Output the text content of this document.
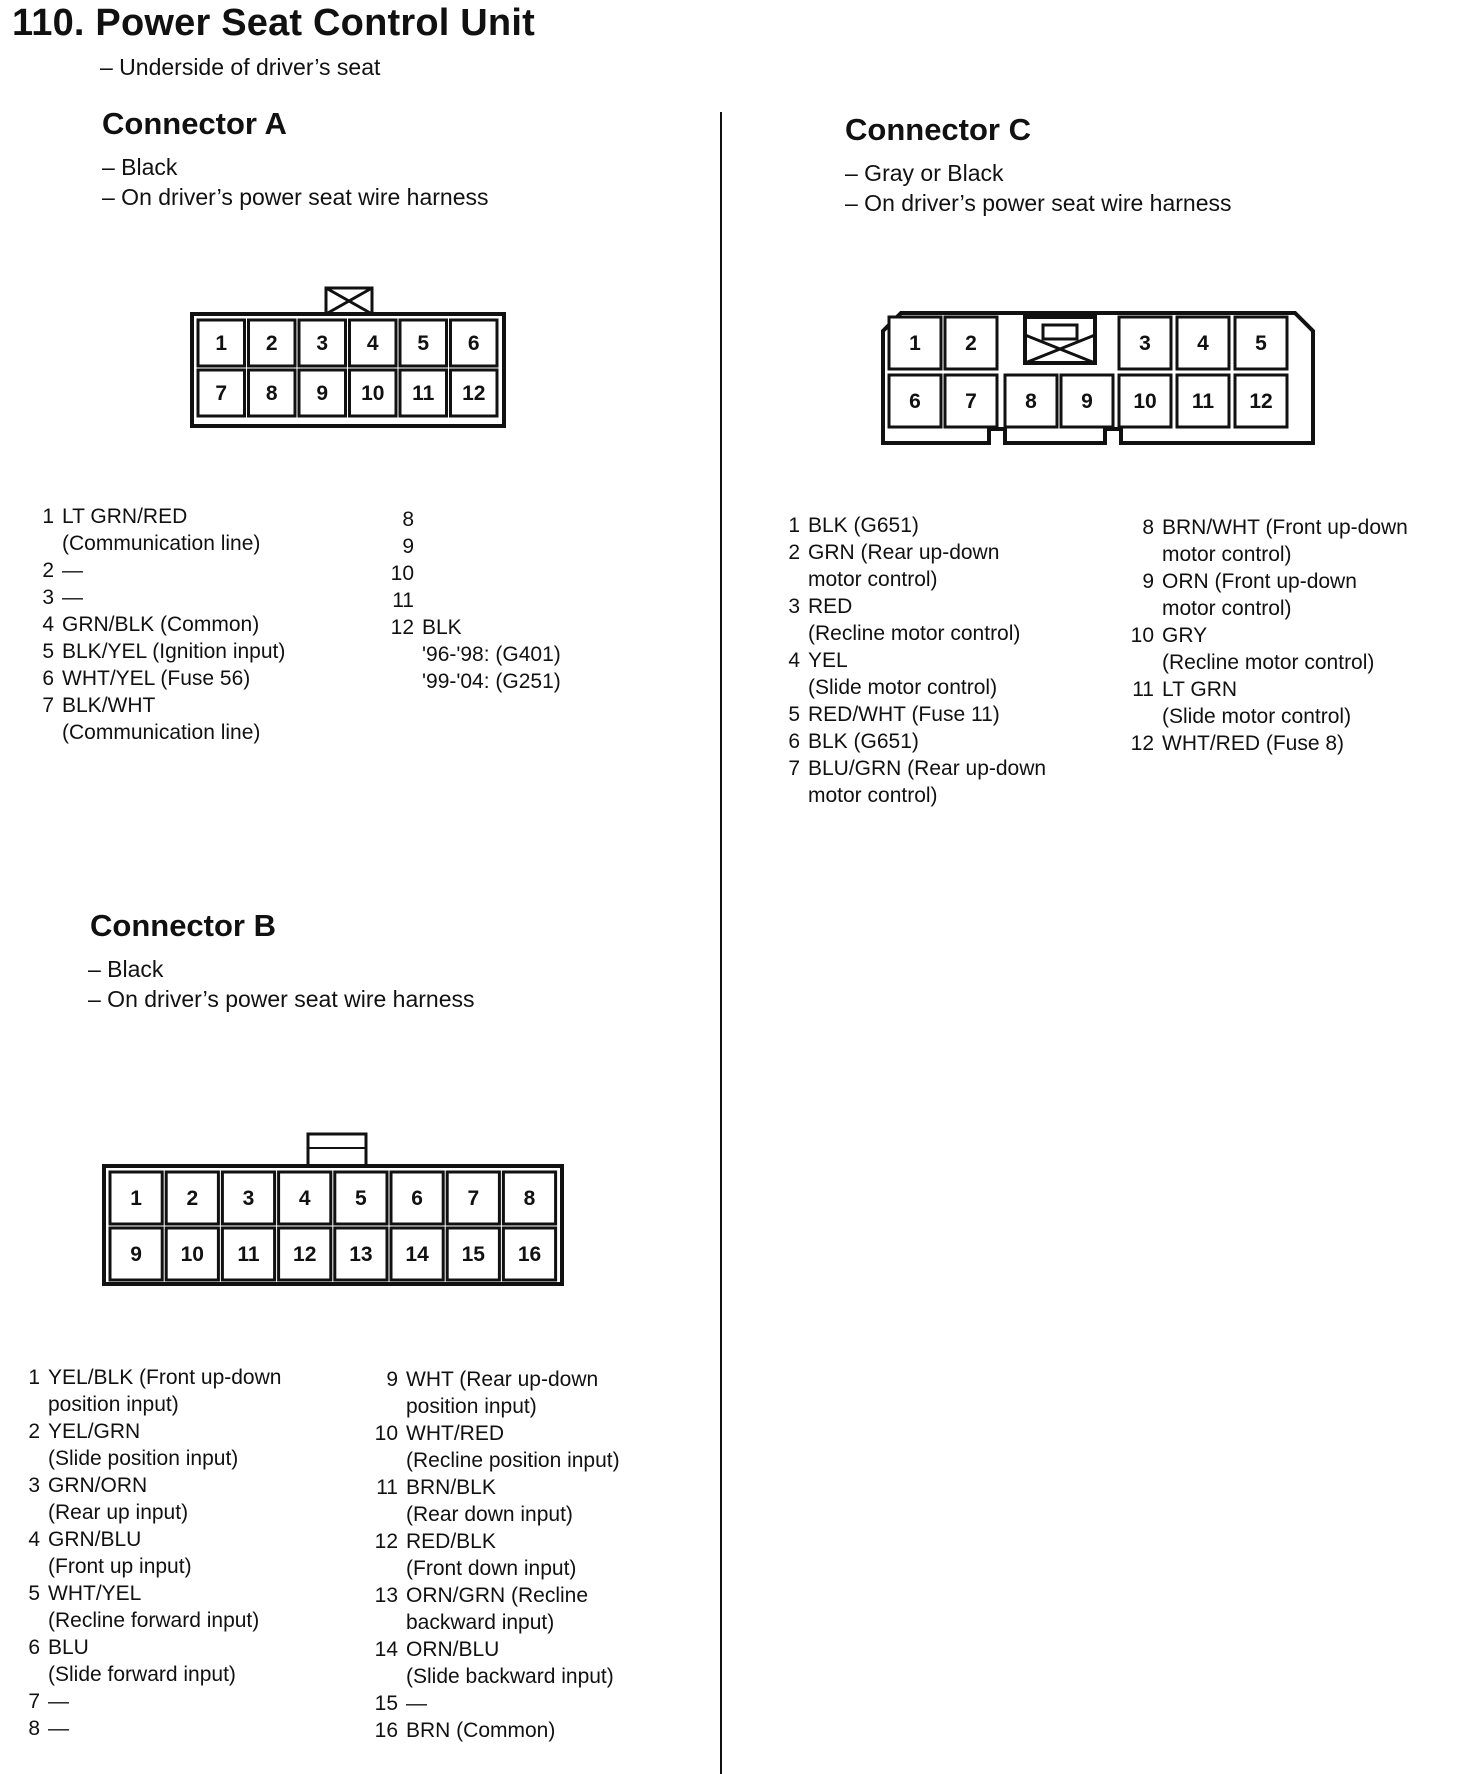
110. Power Seat Control Unit
– Underside of driver’s seat
Connector A
– Black
– On driver’s power seat wire harness
1 2 3 4 5 6
7 8 9 10 11 12
1 LT GRN/RED
(Communication line)
2 —
3 —
4 GRN/BLK (Common)
5 BLK/YEL (Ignition input)
6 WHT/YEL (Fuse 56)
7 BLK/WHT
(Communication line)
8

9

10

11

12 BLK
'96-'98: (G401)
'99-'04: (G251)
Connector B
– Black
– On driver’s power seat wire harness
1 2 3 4 5 6 7 8
9 10 11 12 13 14 15 16
1 YEL/BLK (Front up-down
position input)
2 YEL/GRN
(Slide position input)
3 GRN/ORN
(Rear up input)
4 GRN/BLU
(Front up input)
5 WHT/YEL
(Recline forward input)
6 BLU
(Slide forward input)
7 —
8 —
9 WHT (Rear up-down
position input)
10 WHT/RED
(Recline position input)
11 BRN/BLK
(Rear down input)
12 RED/BLK
(Front down input)
13 ORN/GRN (Recline
backward input)
14 ORN/BLU
(Slide backward input)
15 —
16 BRN (Common)
Connector C
– Gray or Black
– On driver’s power seat wire harness
1 2	3 4 5
6 7 8 9 10 11 12
1 BLK (G651)
2 GRN (Rear up-down
motor control)
3 RED
(Recline motor control)
4 YEL
(Slide motor control)
5 RED/WHT (Fuse 11)
6 BLK (G651)
7 BLU/GRN (Rear up-down
motor control)
8 BRN/WHT (Front up-down
motor control)
9 ORN (Front up-down
motor control)
10 GRY
(Recline motor control)
11 LT GRN
(Slide motor control)
12 WHT/RED (Fuse 8)
